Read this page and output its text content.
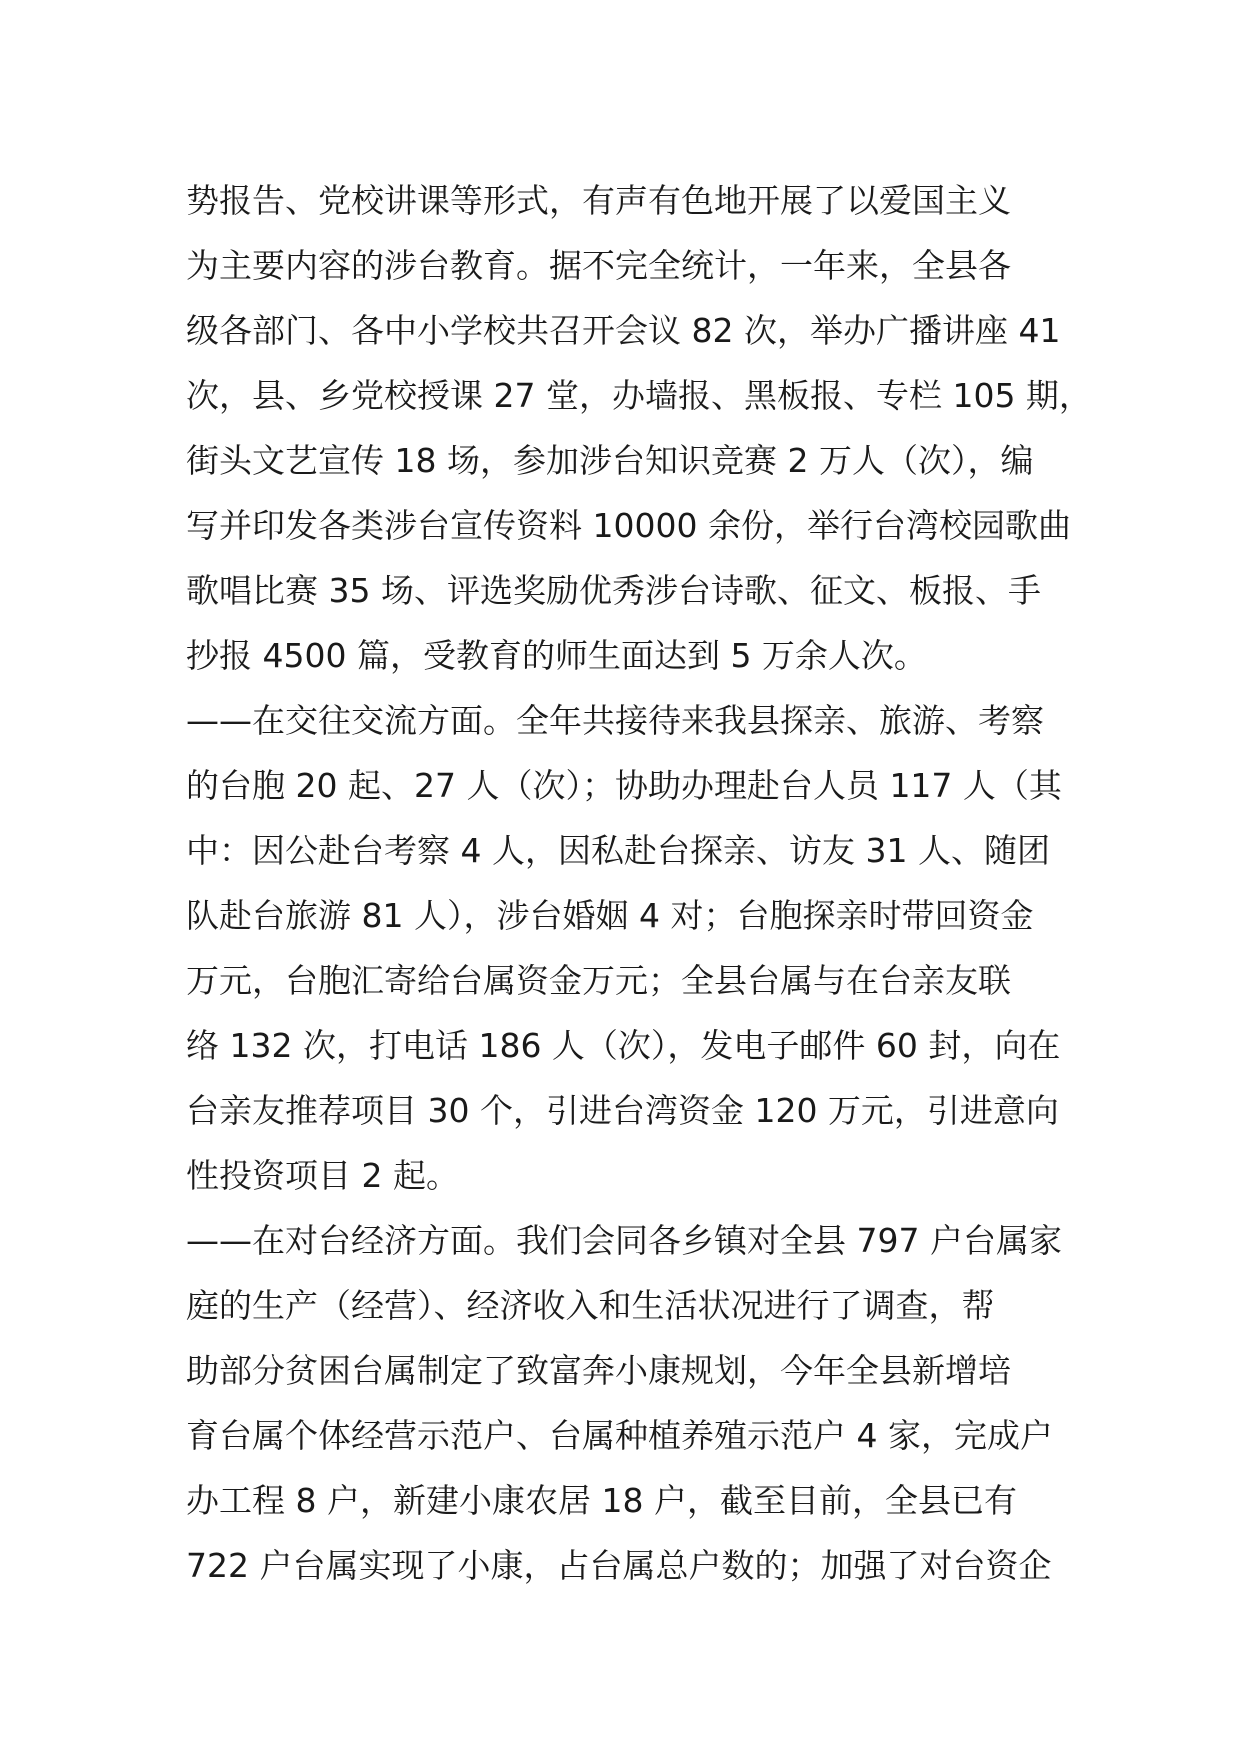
势报告、党校讲课等形式，有声有色地开展了以爱国主义
为主要内容的涉台教育。据不完全统计，一年来，全县各
级各部门、各中小学校共召开会议 82 次，举办广播讲座 41
次，县、乡党校授课 27 堂，办墙报、黑板报、专栏 105 期，
街头文艺宣传 18 场，参加涉台知识竞赛 2 万人（次），编
写并印发各类涉台宣传资料 10000 余份，举行台湾校园歌曲
歌唱比赛 35 场、评选奖励优秀涉台诗歌、征文、板报、手
抄报 4500 篇，受教育的师生面达到 5 万余人次。
——在交往交流方面。全年共接待来我县探亲、旅游、考察
的台胞 20 起、27 人（次）；协助办理赴台人员 117 人（其
中：因公赴台考察 4 人，因私赴台探亲、访友 31 人、随团
队赴台旅游 81 人），涉台婚姻 4 对；台胞探亲时带回资金
万元，台胞汇寄给台属资金万元；全县台属与在台亲友联
络 132 次，打电话 186 人（次），发电子邮件 60 封，向在
台亲友推荐项目 30 个，引进台湾资金 120 万元，引进意向
性投资项目 2 起。
——在对台经济方面。我们会同各乡镇对全县 797 户台属家
庭的生产（经营）、经济收入和生活状况进行了调查，帮
助部分贫困台属制定了致富奔小康规划，今年全县新增培
育台属个体经营示范户、台属种植养殖示范户 4 家，完成户
办工程 8 户，新建小康农居 18 户，截至目前，全县已有
722 户台属实现了小康，占台属总户数的；加强了对台资企
